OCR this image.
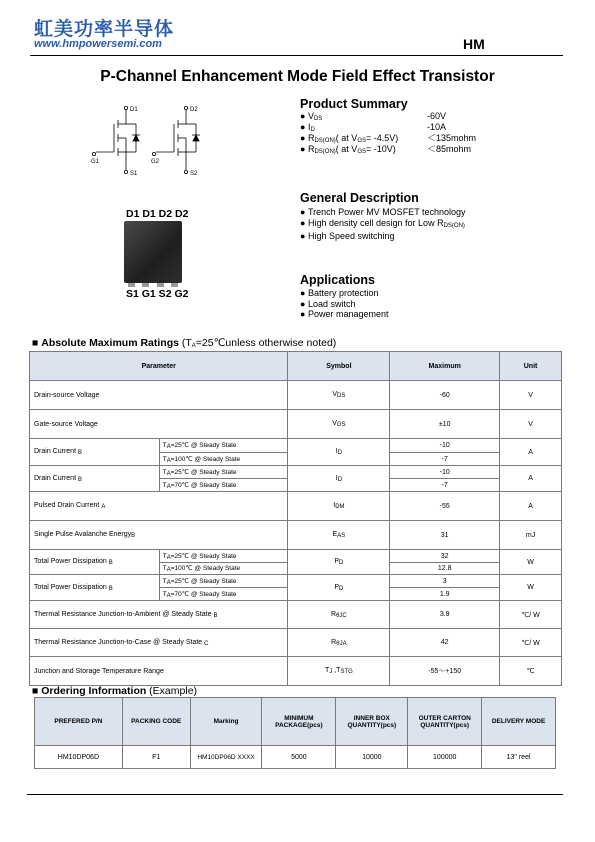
虹美功率半导体
www.hmpowersemi.com	HM
P-Channel Enhancement Mode Field Effect Transistor
D1
G1
S1
D2
G2
S2
D1 D1 D2 D2
S1 G1 S2 G2
Product Summary
● VDS	-60V
● ID	-10A
● RDS(ON)( at VGS= -4.5V)	＜135mohm
● RDS(ON)( at VGS= -10V)	＜85mohm
General Description
● Trench Power MV MOSFET technology
● High density cell design for Low RDS(ON)
● High Speed switching
Applications
● Battery protection
● Load switch
● Power management
■ Absolute Maximum Ratings (TA=25℃unless otherwise noted)
Parameter		Symbol	Maximum	Unit
Drain-source Voltage		VDS	-60	V
Gate-source Voltage		VGS	±10	V
Drain Current $^B$	TA=25℃ @ Steady State	ID	-10	A
	TA=100℃ @ Steady State		-7	
Drain Current $^B$	TA=25℃ @ Steady State	ID	-10	A
	TA=70℃ @ Steady State		-7	
Pulsed Drain Current $^A$		IDM	-55	A
Single Pulse Avalanche Energy$^B$		EAS	31	mJ
Total Power Dissipation $^B$	TA=25℃ @ Steady State	PD	32	W
	TA=100℃ @ Steady State		12.8	
Total Power Dissipation $^B$	TA=25℃ @ Steady State	PD	3	W
	TA=70℃ @ Steady State		1.9	
Thermal Resistance Junction-to-Ambient @ Steady State $^B$		RθJC	3.9	℃/ W
Thermal Resistance Junction-to-Case @ Steady State $^C$		RθJA	42	℃/ W
Junction and Storage Temperature Range		TJ ,TSTG	-55～+150	℃
■ Ordering Information (Example)
PREFERED P/N	PACKING CODE	Marking	MINIMUM PACKAGE(pcs)	INNER BOX QUANTITY(pcs)	OUTER CARTON QUANTITY(pcs)	DELIVERY MODE
HM10DP06D	F1	HM10DP06D XXXX	5000	10000	100000	13" reel
